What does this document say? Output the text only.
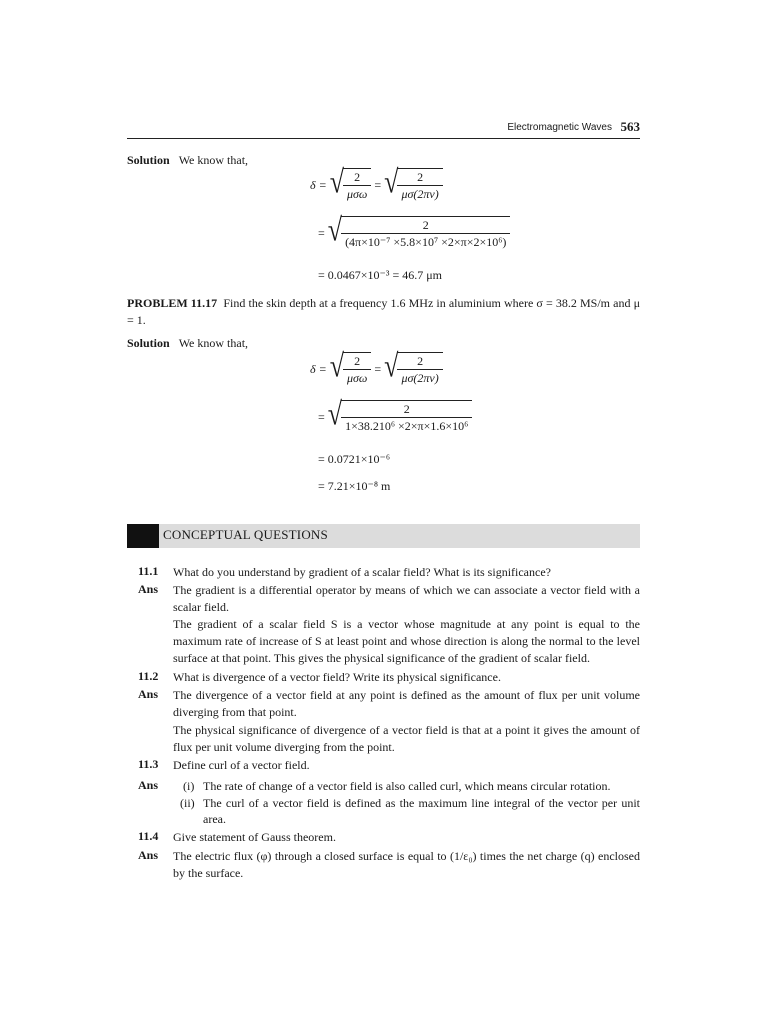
Electromagnetic Waves 563
Solution We know that,
δ =
√ $\frac{2}{\text{μσω}}$
=
√ $\frac{2}{\mu\sigma(2\pi\nu)}$
=
√ $\frac{2}{\text{(4π×10⁻⁷ ×5.8×10⁷ ×2×π×2×10⁶)}}$
= 0.0467×10⁻³ = 46.7 μm
PROBLEM 11.17 Find the skin depth at a frequency 1.6 MHz in aluminium where σ = 38.2 MS/m and μ = 1.
Solution We know that,
δ =
√ $\frac{2}{\text{μσω}}$
=
√ $\frac{2}{\mu\sigma(2\pi\nu)}$
=
√ $\frac{2}{\text{1×38.210⁶ ×2×π×1.6×10⁶}}$
= 0.0721×10⁻⁶
= 7.21×10⁻⁸ m
CONCEPTUAL QUESTIONS
11.1 What do you understand by gradient of a scalar field? What is its significance?
Ans The gradient is a differential operator by means of which we can associate a vector field with a scalar field.
The gradient of a scalar field S is a vector whose magnitude at any point is equal to the maximum rate of increase of S at least point and whose direction is along the normal to the level surface at that point. This gives the physical significance of the gradient of scalar field.
11.2 What is divergence of a vector field? Write its physical significance.
Ans The divergence of a vector field at any point is defined as the amount of flux per unit volume diverging from that point.
The physical significance of divergence of a vector field is that at a point it gives the amount of flux per unit volume diverging from the point.
11.3 Define curl of a vector field.
Ans (i) The rate of change of a vector field is also called curl, which means circular rotation.
(ii) The curl of a vector field is defined as the maximum line integral of the vector per unit area.
11.4 Give statement of Gauss theorem.
Ans The electric flux (φ) through a closed surface is equal to (1/ε₀) times the net charge (q) enclosed by the surface.
